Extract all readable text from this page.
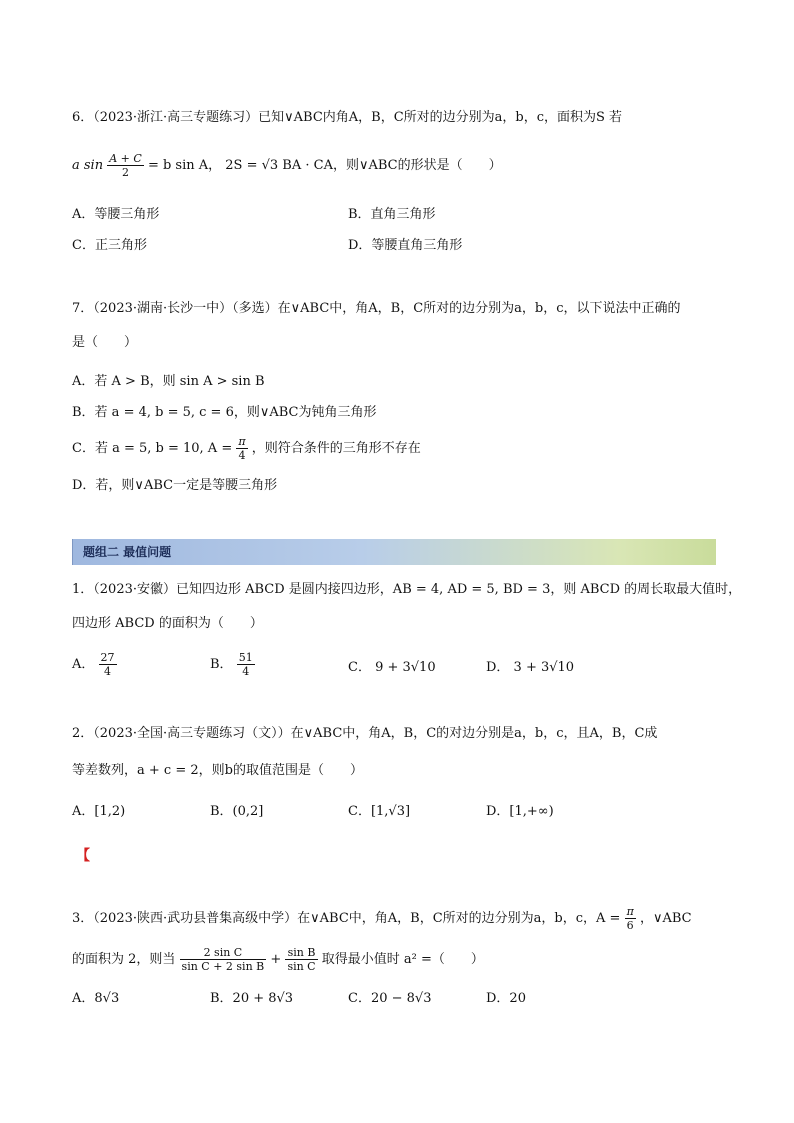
6．（2023·浙江·高三专题练习）已知∨ABC内角A，B，C所对的边分别为a，b，c，面积为S 若
a $\sin \frac{A + C}{2} = b$ sin A， 2S = √3 BA · CA，则∨ABC的形状是（　　）
A．等腰三角形	B．直角三角形
C．正三角形	D．等腰直角三角形
7．（2023·湖南·长沙一中）（多选）在∨ABC中，角A，B，C所对的边分别为a，b，c，以下说法中正确的
是（　　）
A．若 A > B，则 sin A > sin B
B．若 a = 4, b = 5, c = 6，则∨ABC为钝角三角形
C．若 a = 5, b = 10, $A = \frac{\pi}{4}$ ，则符合条件的三角形不存在
D．若，则∨ABC一定是等腰三角形
题组二 最值问题
1．（2023·安徽）已知四边形 ABCD 是圆内接四边形，AB = 4, AD = 5, BD = 3，则 ABCD 的周长取最大值时，
四边形 ABCD 的面积为（　　）
A． $\frac{27}{4}$	B． $\frac{51}{4}$	C． 9 + 3√10	D． 3 + 3√10
2．（2023·全国·高三专题练习（文））在∨ABC中，角A，B，C的对边分别是a，b，c，且A，B，C成
等差数列，a + c = 2，则b的取值范围是（　　）
A．[1,2)	B．(0,2]	C．[1,√3]	D．[1,+∞)
【
3．（2023·陕西·武功县普集高级中学）在∨ABC中，角A，B，C所对的边分别为a，b，c，$A = \frac{\pi}{6}$ ，∨ABC
的面积为 2，则当 $\frac{\text{2 sin C}}{\text{sin C + 2 sin B}} + \frac{\text{sin B}}{\text{sin C}}$ 取得最小值时 a² =（　　）
A．8√3	B．20 + 8√3	C．20 − 8√3	D．20
